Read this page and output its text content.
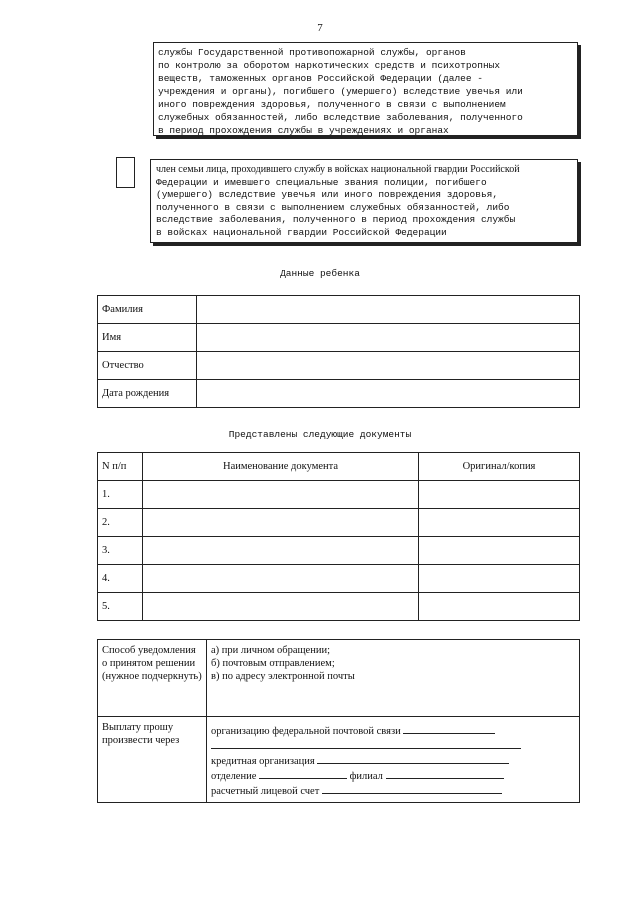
7

службы Государственной противопожарной службы, органов

по контролю за оборотом наркотических средств и психотропных

веществ, таможенных органов Российской Федерации (далее -

учреждения и органы), погибшего (умершего) вследствие увечья или

иного повреждения здоровья, полученного в связи с выполнением

служебных обязанностей, либо вследствие заболевания, полученного

в период прохождения службы в учреждениях и органах

член семьи лица, проходившего службу в войсках национальной гвардии Российской

Федерации и имевшего специальные звания полиции, погибшего

(умершего) вследствие увечья или иного повреждения здоровья,

полученного в связи с выполнением служебных обязанностей, либо

вследствие заболевания, полученного в период прохождения службы

в войсках национальной гвардии Российской Федерации

Данные ребенка
Фамилия	
Имя	
Отчество	
Дата рождения	
Представлены следующие документы
N п/п	Наименование документа	Оригинал/копия
1.		
2.		
3.		
4.		
5.		
Способ уведомления о принятом решении (нужное подчеркнуть)	а) при личном обращении;
б) почтовым отправлением;
в) по адресу электронной почты

Выплату прошу произвести через	организацию федеральной почтовой связи
кредитная организация
отделение филиал
расчетный лицевой счет
